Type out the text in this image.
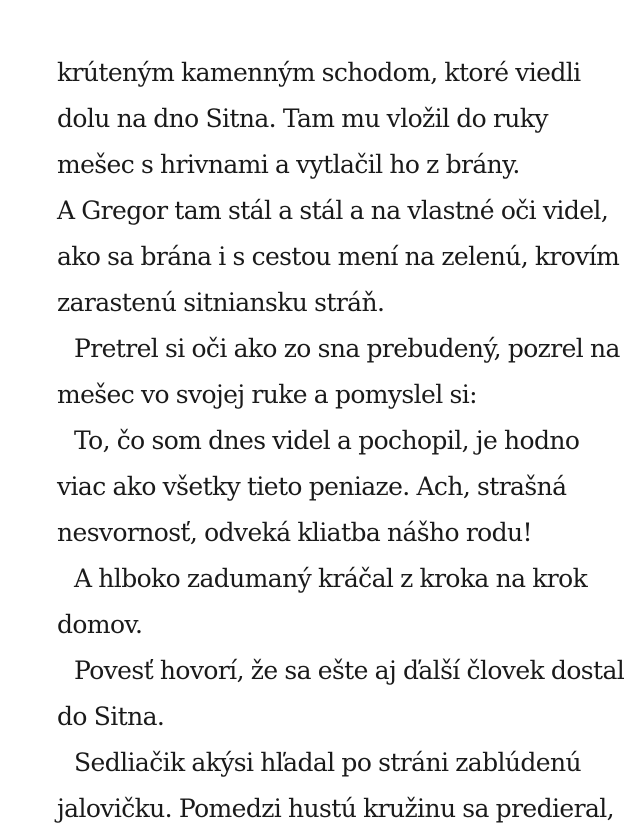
krúteným kamenným schodom, ktoré viedli
dolu na dno Sitna. Tam mu vložil do ruky
mešec s hrivnami a vytlačil ho z brány.
A Gregor tam stál a stál a na vlastné oči videl,
ako sa brána i s cestou mení na zelenú, krovím
zarastenú sitniansku stráň.
Pretrel si oči ako zo sna prebudený, pozrel na
mešec vo svojej ruke a pomyslel si:
To, čo som dnes videl a pochopil, je hodno
viac ako všetky tieto peniaze. Ach, strašná
nesvornosť, odveká kliatba nášho rodu!
A hlboko zadumaný kráčal z kroka na krok
domov.
Povesť hovorí, že sa ešte aj ďalší človek dostal
do Sitna.
Sedliačik akýsi hľadal po stráni zablúdenú
jalovičku. Pomedzi hustú kružinu sa predieral,
